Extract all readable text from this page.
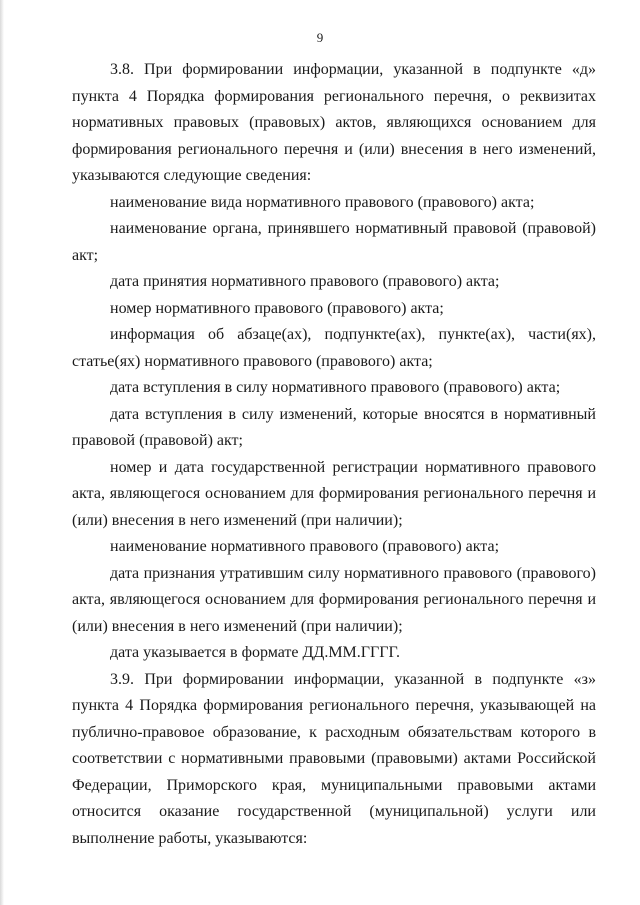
9

3.8. При формировании информации, указанной в подпункте «д» пункта 4 Порядка формирования регионального перечня, о реквизитах нормативных правовых (правовых) актов, являющихся основанием для формирования регионального перечня и (или) внесения в него изменений, указываются следующие сведения:

наименование вида нормативного правового (правового) акта;

наименование органа, принявшего нормативный правовой (правовой) акт;

дата принятия нормативного правового (правового) акта;

номер нормативного правового (правового) акта;

информация об абзаце(ах), подпункте(ах), пункте(ах), части(ях), статье(ях) нормативного правового (правового) акта;

дата вступления в силу нормативного правового (правового) акта;

дата вступления в силу изменений, которые вносятся в нормативный правовой (правовой) акт;

номер и дата государственной регистрации нормативного правового акта, являющегося основанием для формирования регионального перечня и (или) внесения в него изменений (при наличии);

наименование нормативного правового (правового) акта;

дата признания утратившим силу нормативного правового (правового) акта, являющегося основанием для формирования регионального перечня и (или) внесения в него изменений (при наличии);

дата указывается в формате ДД.ММ.ГГГГ.

3.9. При формировании информации, указанной в подпункте «з» пункта 4 Порядка формирования регионального перечня, указывающей на публично-правовое образование, к расходным обязательствам которого в соответствии с нормативными правовыми (правовыми) актами Российской Федерации, Приморского края, муниципальными правовыми актами относится оказание государственной (муниципальной) услуги или выполнение работы, указываются:
